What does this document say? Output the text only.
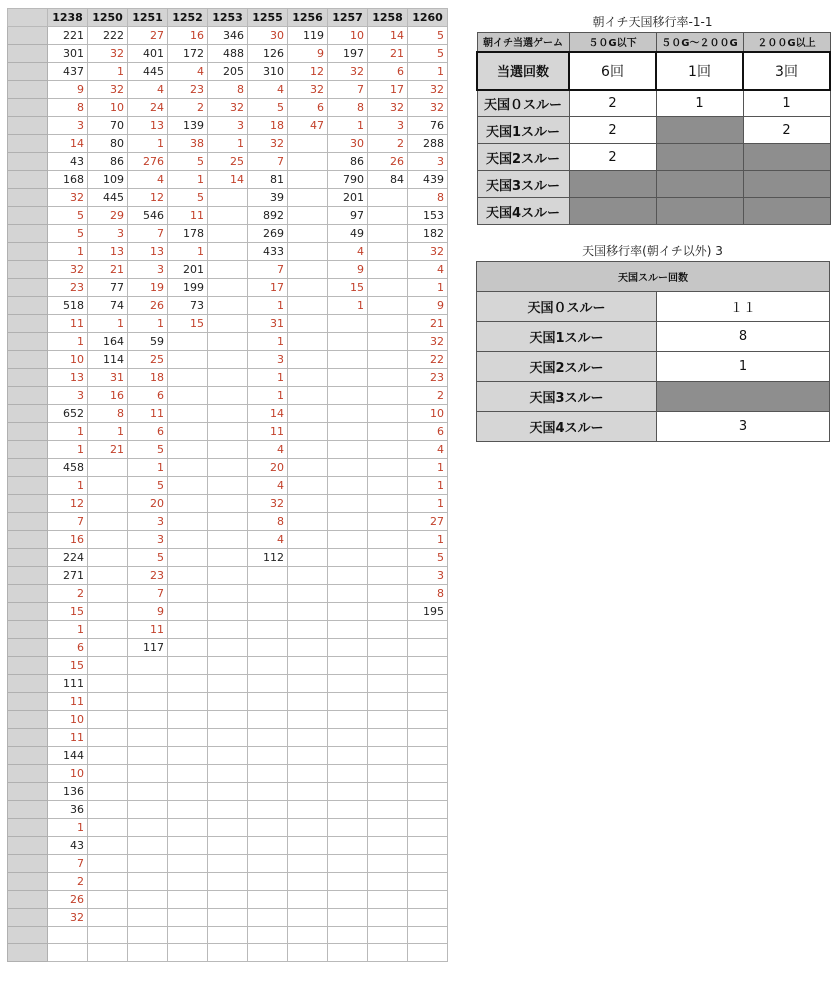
	1238	1250	1251	1252	1253	1255	1256	1257	1258	1260
	221	222	27	16	346	30	119	10	14	5
	301	32	401	172	488	126	9	197	21	5
	437	1	445	4	205	310	12	32	6	1
	9	32	4	23	8	4	32	7	17	32
	8	10	24	2	32	5	6	8	32	32
	3	70	13	139	3	18	47	1	3	76
	14	80	1	38	1	32		30	2	288
	43	86	276	5	25	7		86	26	3
	168	109	4	1	14	81		790	84	439
	32	445	12	5		39		201		8
	5	29	546	11		892		97		153
	5	3	7	178		269		49		182
	1	13	13	1		433		4		32
	32	21	3	201		7		9		4
	23	77	19	199		17		15		1
	518	74	26	73		1		1		9
	11	1	1	15		31				21
	1	164	59			1				32
	10	114	25			3				22
	13	31	18			1				23
	3	16	6			1				2
	652	8	11			14				10
	1	1	6			11				6
	1	21	5			4				4
	458		1			20				1
	1		5			4				1
	12		20			32				1
	7		3			8				27
	16		3			4				1
	224		5			112				5
	271		23							3
	2		7							8
	15		9							195
	1		11							
	6		117							
	15									
	111									
	11									
	10									
	11									
	144									
	10									
	136									
	36									
	1									
	43									
	7									
	2									
	26									
	32									

朝イチ天国移行率-1-1
朝イチ当選ゲーム	５０G以下	５０G～２００G	２００G以上
当選回数	6回	1回	3回
天国０スルー	2	1	1
天国1スルー	2		2
天国2スルー	2		
天国3スルー			
天国4スルー			
天国移行率(朝イチ以外) 3
天国スルー回数	
天国０スルー	１１
天国1スルー	8
天国2スルー	1
天国3スルー	
天国4スルー	3
